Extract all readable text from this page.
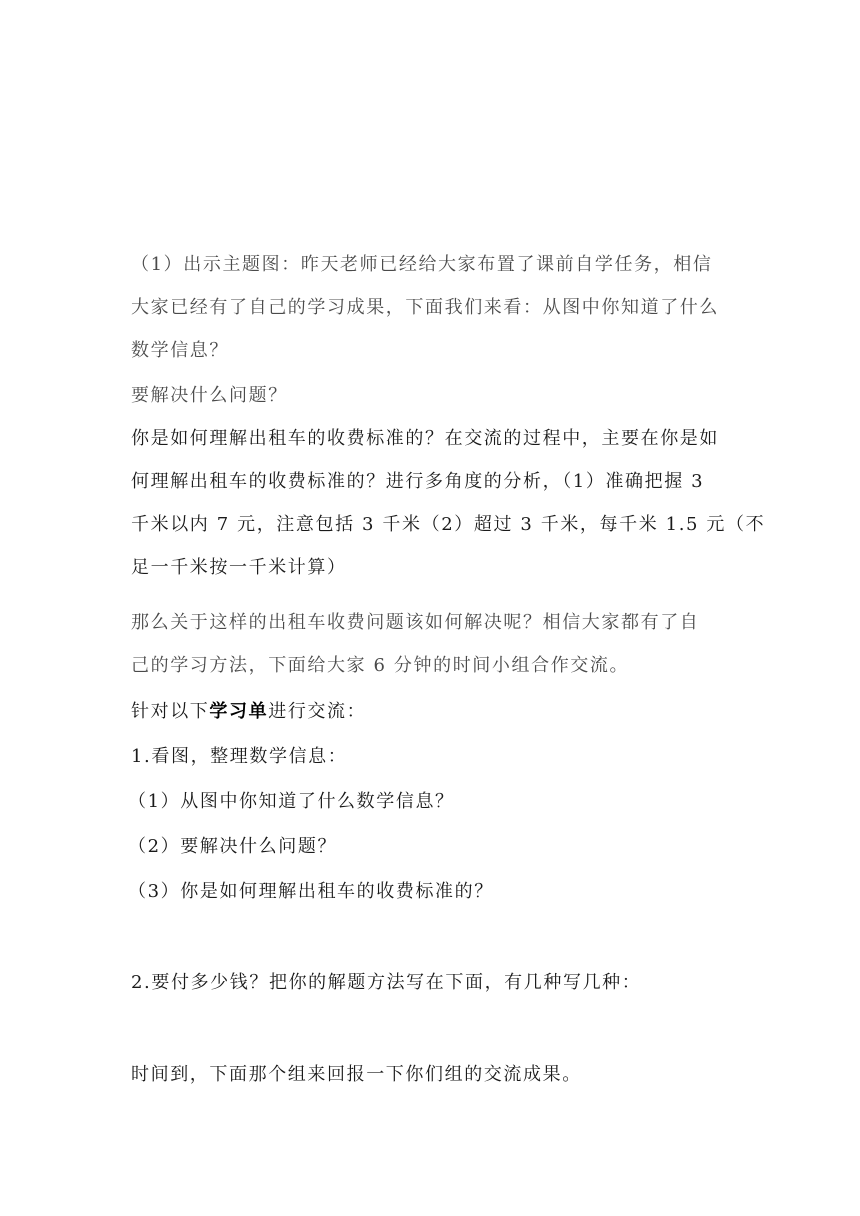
（1）出示主题图：昨天老师已经给大家布置了课前自学任务，相信
大家已经有了自己的学习成果，下面我们来看：从图中你知道了什么
数学信息？
要解决什么问题？
你是如何理解出租车的收费标准的？在交流的过程中，主要在你是如
何理解出租车的收费标准的？进行多角度的分析，（1）准确把握 3
千米以内 7 元，注意包括 3 千米（2）超过 3 千米，每千米 1.5 元（不
足一千米按一千米计算）
那么关于这样的出租车收费问题该如何解决呢？相信大家都有了自
己的学习方法，下面给大家 6 分钟的时间小组合作交流。
针对以下学习单进行交流：
1.看图，整理数学信息：
（1）从图中你知道了什么数学信息？
（2）要解决什么问题？
（3）你是如何理解出租车的收费标准的？
2.要付多少钱？把你的解题方法写在下面，有几种写几种：
时间到，下面那个组来回报一下你们组的交流成果。
